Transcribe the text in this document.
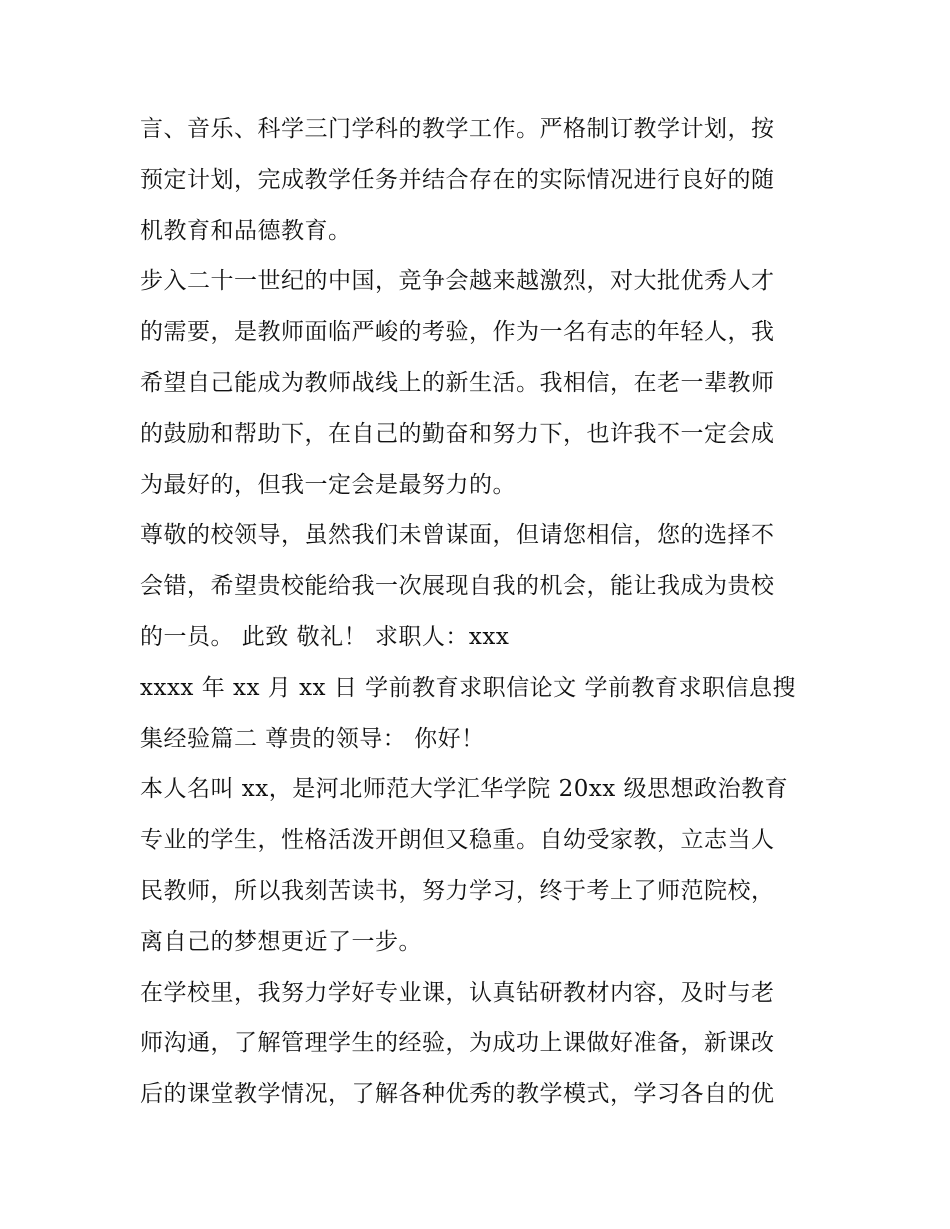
言、音乐、科学三门学科的教学工作。严格制订教学计划，按
预定计划，完成教学任务并结合存在的实际情况进行良好的随
机教育和品德教育。
步入二十一世纪的中国，竞争会越来越激烈，对大批优秀人才
的需要，是教师面临严峻的考验，作为一名有志的年轻人，我
希望自己能成为教师战线上的新生活。我相信，在老一辈教师
的鼓励和帮助下，在自己的勤奋和努力下，也许我不一定会成
为最好的，但我一定会是最努力的。
尊敬的校领导，虽然我们未曾谋面，但请您相信，您的选择不
会错，希望贵校能给我一次展现自我的机会，能让我成为贵校
的一员。 此致 敬礼！ 求职人：xxx
xxxx 年 xx 月 xx 日 学前教育求职信论文 学前教育求职信息搜
集经验篇二 尊贵的领导： 你好！
本人名叫 xx，是河北师范大学汇华学院 20xx 级思想政治教育
专业的学生，性格活泼开朗但又稳重。自幼受家教，立志当人
民教师，所以我刻苦读书，努力学习，终于考上了师范院校，
离自己的梦想更近了一步。
在学校里，我努力学好专业课，认真钻研教材内容，及时与老
师沟通，了解管理学生的经验，为成功上课做好准备，新课改
后的课堂教学情况，了解各种优秀的教学模式，学习各自的优
